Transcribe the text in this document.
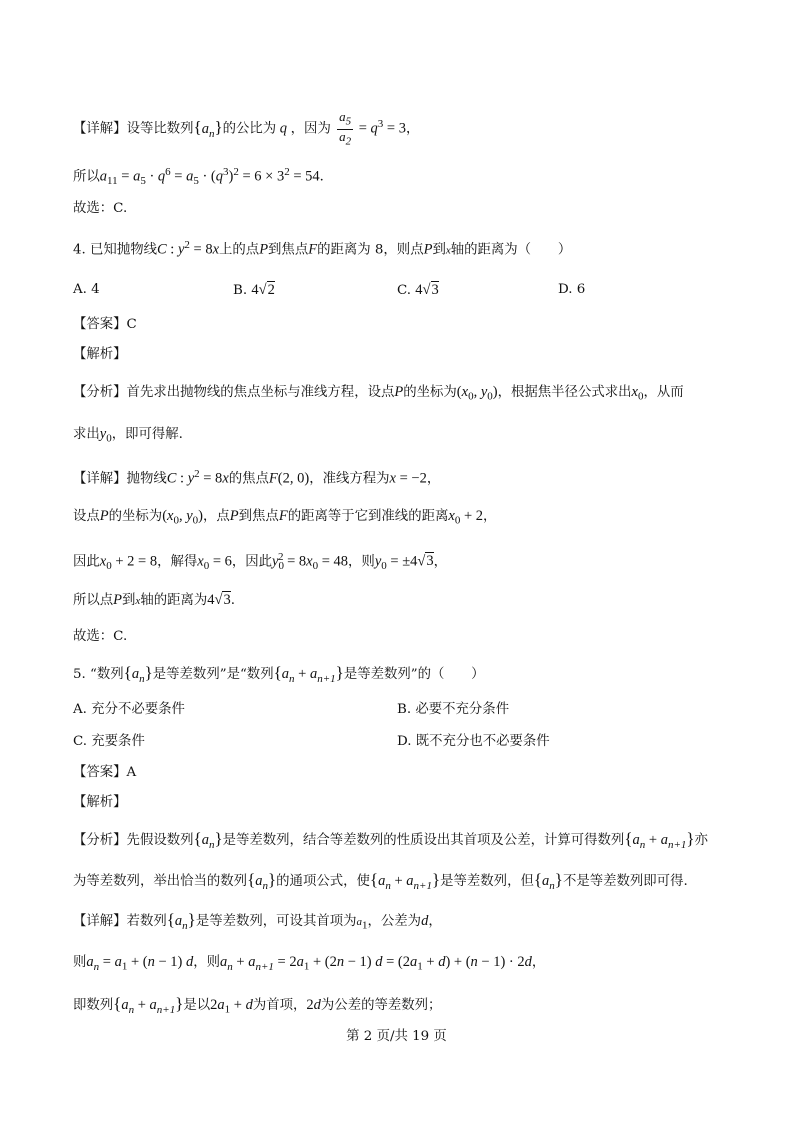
【详解】设等比数列$\{a_n\}$的公比为 q ，因为 $\frac{a_5}{a_2} = q^3 = 3$，
所以$a_{11} = a_5 \cdot q^6 = a_5 \cdot (q^3)^2 = 6 \times 3^2 = 54$．
故选：C.
4. 已知抛物线C : $y^2 = 8x$上的点P到焦点F的距离为 8，则点P到x轴的距离为（　　）
A. 4	B. 4√2	C. 4√3	D. 6
【答案】C
【解析】
【分析】首先求出抛物线的焦点坐标与准线方程，设点P的坐标为($x_0$, $y_0$)，根据焦半径公式求出$x_0$，从而
求出$y_0$，即可得解.
【详解】抛物线C : $y^2 = 8x$的焦点F(2, 0)，准线方程为x = −2，
设点P的坐标为($x_0$, $y_0$)，点P到焦点F的距离等于它到准线的距离$x_0 + 2$，
因此$x_0 + 2 = 8$，解得$x_0 = 6$，因此$y_0^2 = 8x_0 = 48$，则$y_0 = \pm 4√3$，
所以点P到x轴的距离为4√3.
故选：C.
5. “数列$\{a_n\}$是等差数列”是“数列$\{a_n + a_{n+1}\}$是等差数列”的（　　）
A. 充分不必要条件	B. 必要不充分条件
C. 充要条件	D. 既不充分也不必要条件
【答案】A
【解析】
【分析】先假设数列$\{a_n\}$是等差数列，结合等差数列的性质设出其首项及公差，计算可得数列$\{a_n + a_{n+1}\}$亦
为等差数列，举出恰当的数列$\{a_n\}$的通项公式，使$\{a_n + a_{n+1}\}$是等差数列，但$\{a_n\}$不是等差数列即可得.
【详解】若数列$\{a_n\}$是等差数列，可设其首项为$a_1$，公差为d，
则$a_n = a_1 + (n - 1)$ d，则$a_n + a_{n+1} = 2a_1 + (2n - 1) d = (2a_1 + d) + (n - 1) \cdot 2d$，
即数列$\{a_n + a_{n+1}\}$是以$2a_1 + d$为首项，2d为公差的等差数列；
第 2 页/共 19 页
